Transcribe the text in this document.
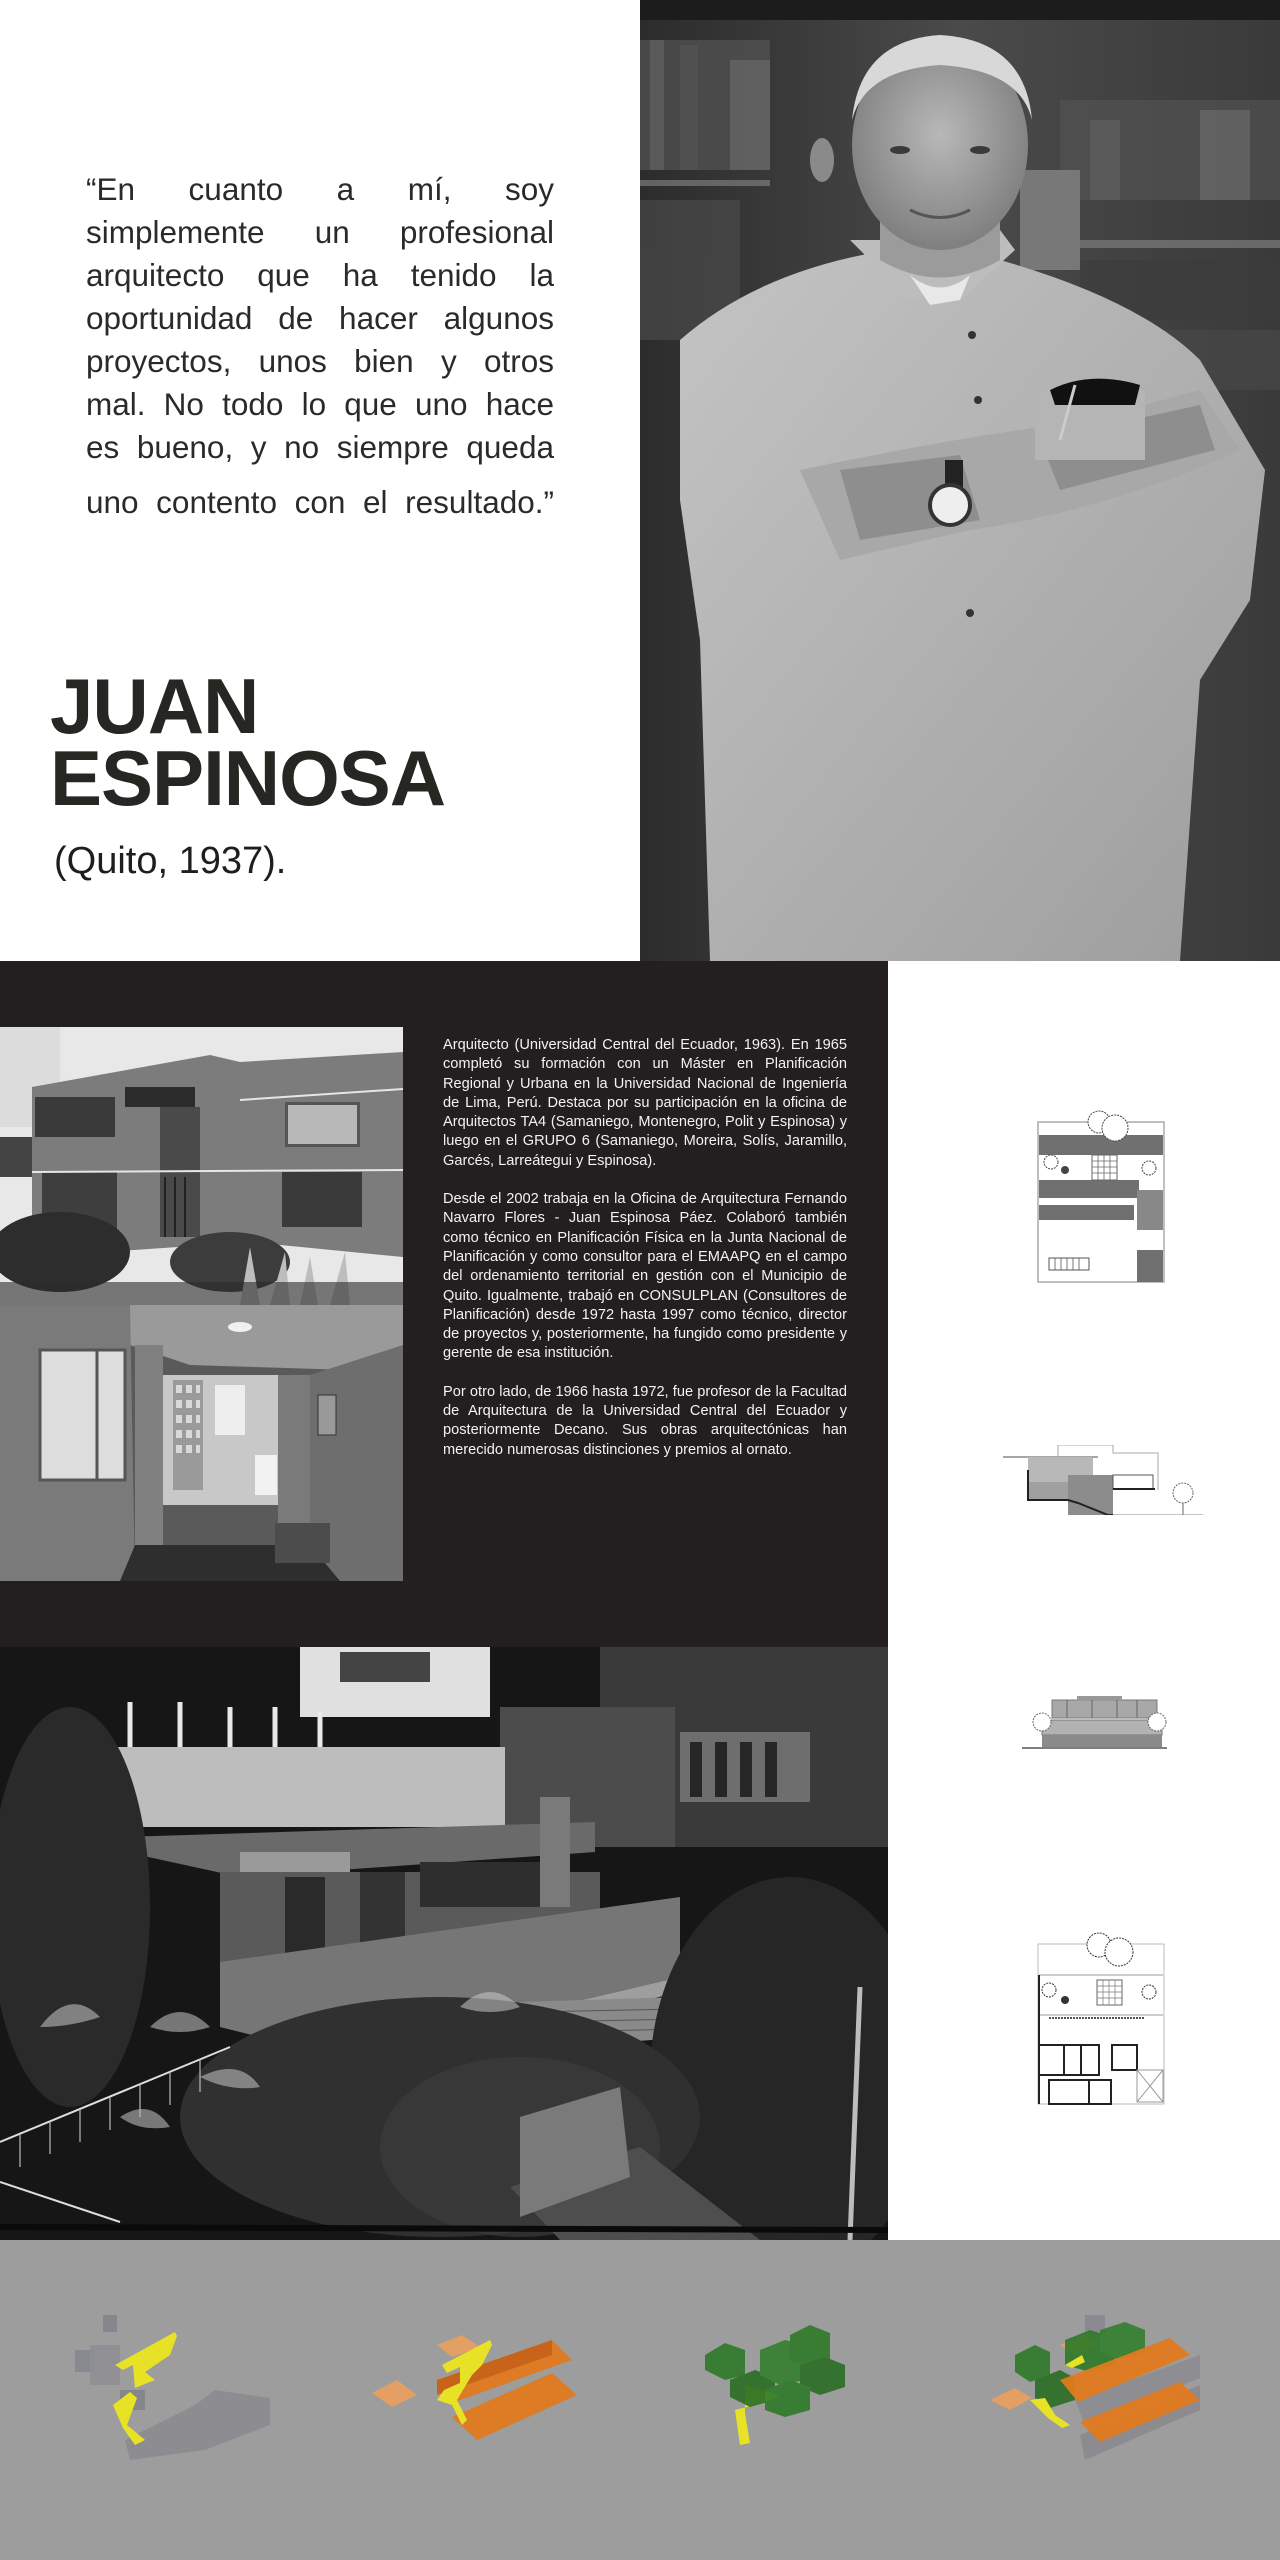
“En cuanto a mí, soy

simplemente un profesional

arquitecto que ha tenido la

oportunidad de hacer algunos

proyectos, unos bien y otros

mal. No todo lo que uno hace

es bueno, y no siempre queda

uno contento con el resultado.”

JUAN
ESPINOSA
(Quito, 1937).

Arquitecto (Universidad Central del Ecuador, 1963). En 1965 completó su formación con un Máster en Planificación Regional y Urbana en la Universidad Nacional de Ingeniería de Lima, Perú. Destaca por su participación en la oficina de Arquitectos TA4 (Samaniego, Montenegro, Polit y Espinosa) y luego en el GRUPO 6 (Samaniego, Moreira, Solís, Jaramillo, Garcés, Larreátegui y Espinosa).

Desde el 2002 trabaja en la Oficina de Arquitectura Fernando Navarro Flores - Juan Espinosa Páez. Colaboró también como técnico en Planificación Física en la Junta Nacional de Planificación y como consultor para el EMAAPQ en el campo del ordenamiento territorial en gestión con el Municipio de Quito. Igualmente, trabajó en CONSULPLAN (Consultores de Planificación) desde 1972 hasta 1997 como técnico, director de proyectos y, posteriormente, ha fungido como presidente y gerente de esa institución.

Por otro lado, de 1966 hasta 1972, fue profesor de la Facultad de Arquitectura de la Universidad Central del Ecuador y posteriormente Decano. Sus obras arquitectónicas han merecido numerosas distinciones y premios al ornato.
